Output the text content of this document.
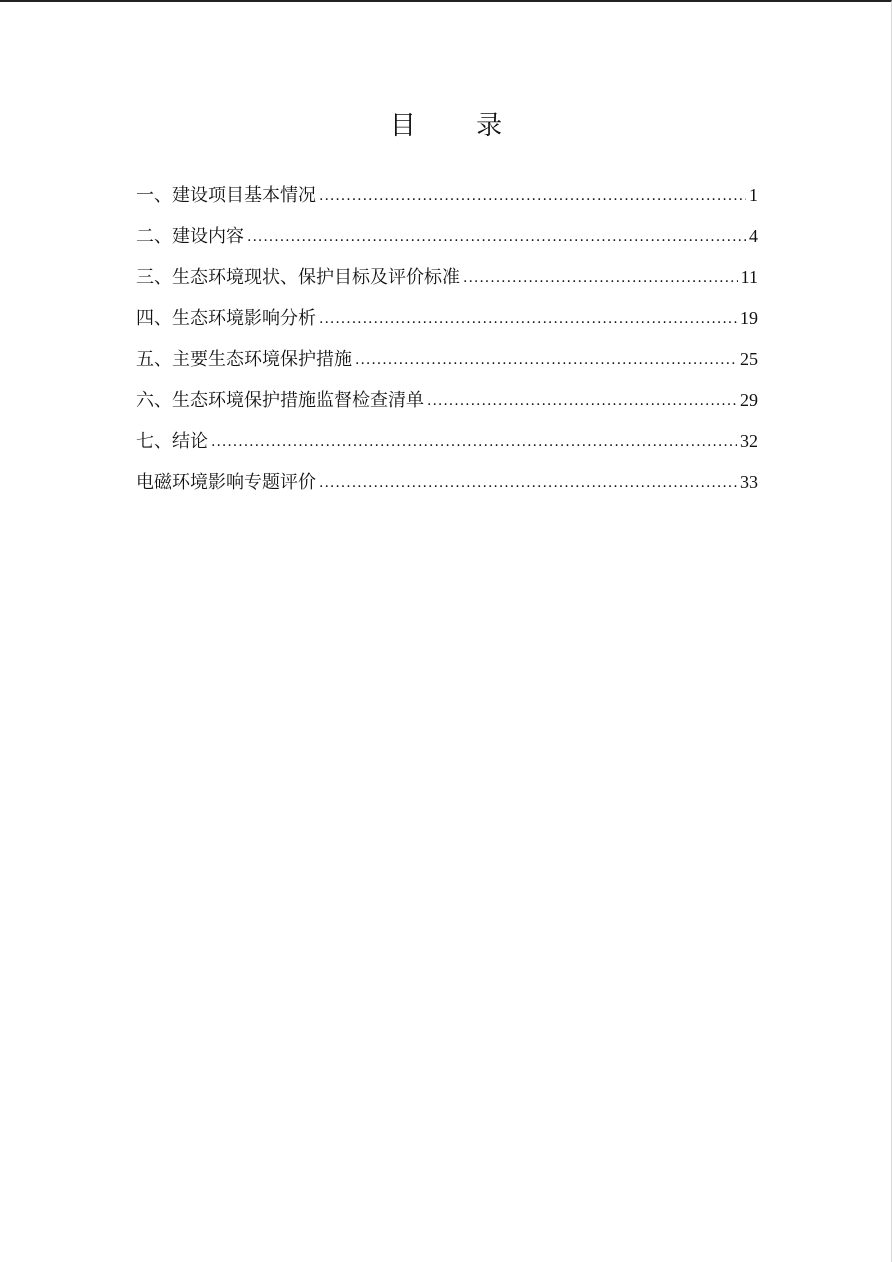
目 录
一、建设项目基本情况 .....	1
二、建设内容 .....	4
三、生态环境现状、保护目标及评价标准 .....	11
四、生态环境影响分析 .....	19
五、主要生态环境保护措施 .....	25
六、生态环境保护措施监督检查清单 .....	29
七、结论 .....	32
电磁环境影响专题评价 .....	33
